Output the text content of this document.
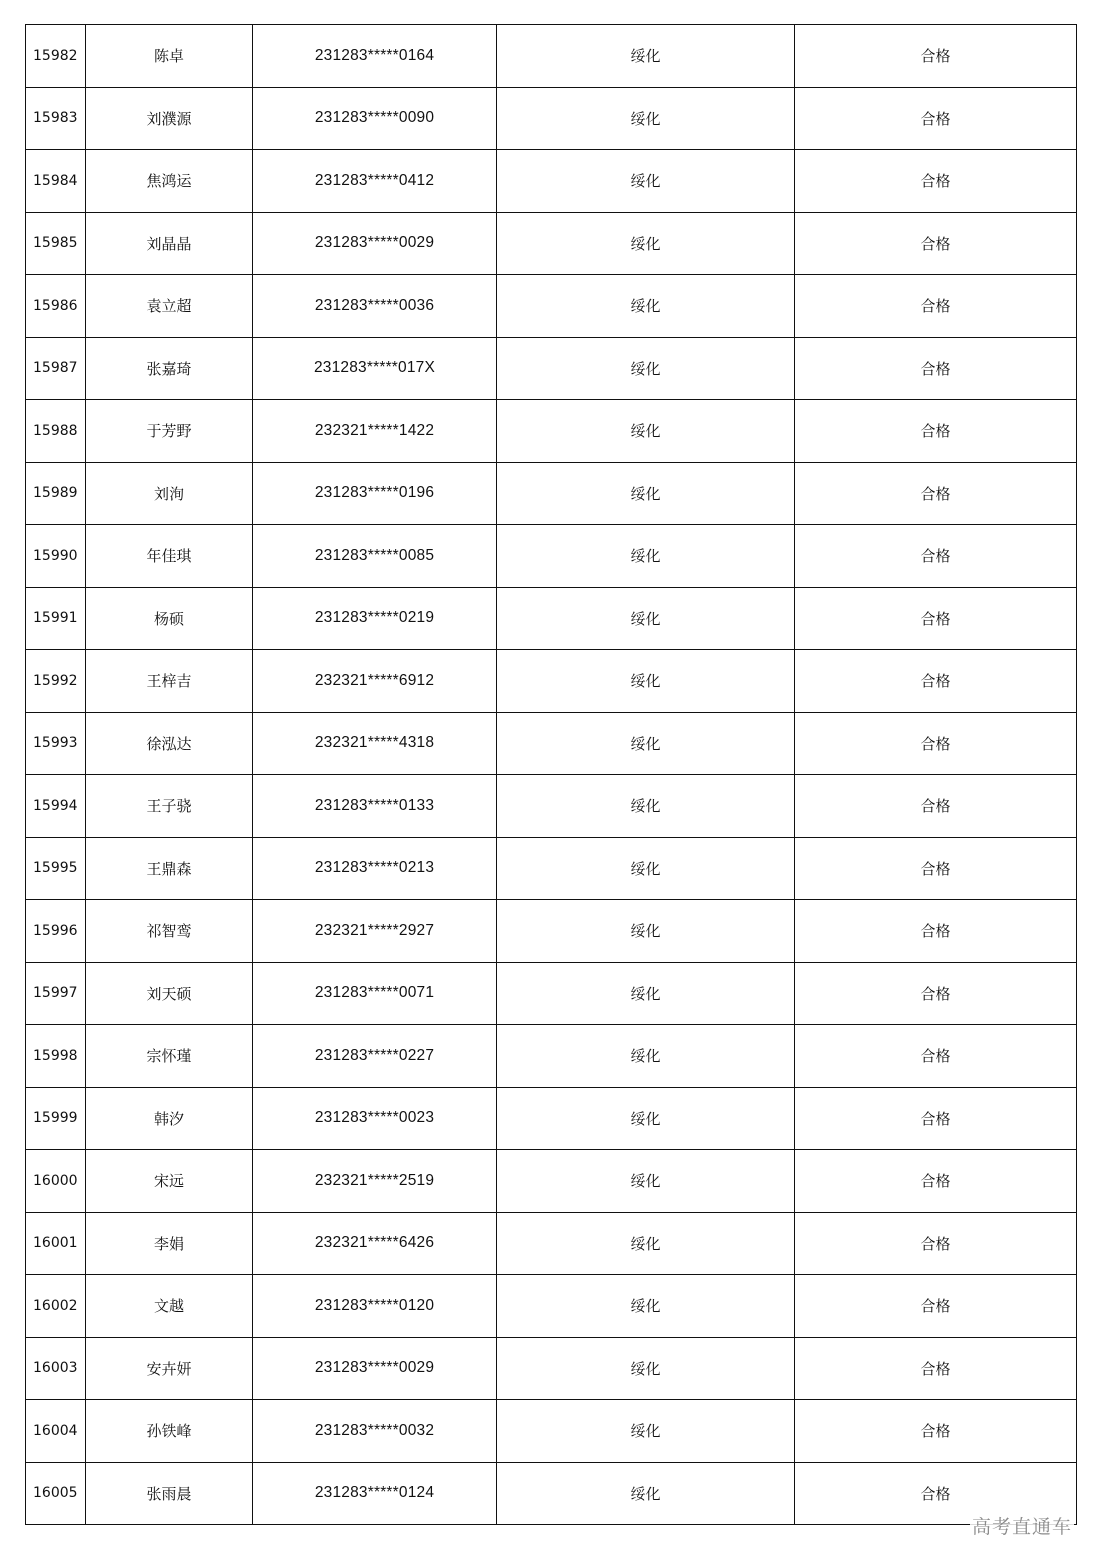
15982	陈卓	231283*****0164	绥化	合格
15983	刘濮源	231283*****0090	绥化	合格
15984	焦鸿运	231283*****0412	绥化	合格
15985	刘晶晶	231283*****0029	绥化	合格
15986	袁立超	231283*****0036	绥化	合格
15987	张嘉琦	231283*****017X	绥化	合格
15988	于芳野	232321*****1422	绥化	合格
15989	刘洵	231283*****0196	绥化	合格
15990	年佳琪	231283*****0085	绥化	合格
15991	杨硕	231283*****0219	绥化	合格
15992	王梓吉	232321*****6912	绥化	合格
15993	徐泓达	232321*****4318	绥化	合格
15994	王子骁	231283*****0133	绥化	合格
15995	王鼎森	231283*****0213	绥化	合格
15996	祁智鸾	232321*****2927	绥化	合格
15997	刘天硕	231283*****0071	绥化	合格
15998	宗怀瑾	231283*****0227	绥化	合格
15999	韩汐	231283*****0023	绥化	合格
16000	宋远	232321*****2519	绥化	合格
16001	李娟	232321*****6426	绥化	合格
16002	文越	231283*****0120	绥化	合格
16003	安卉妍	231283*****0029	绥化	合格
16004	孙铁峰	231283*****0032	绥化	合格
16005	张雨晨	231283*****0124	绥化	合格
高考直通车
